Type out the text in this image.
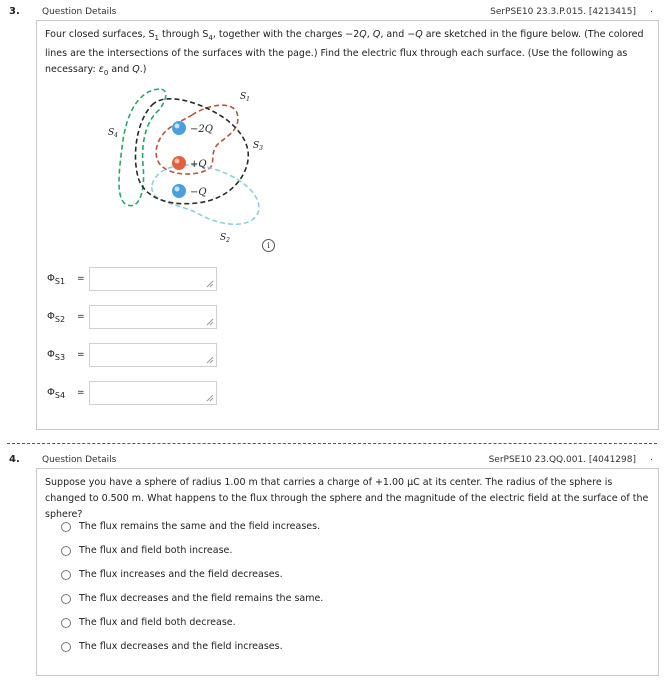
3. Question Details	SerPSE10 23.3.P.015. [4213415] .
Four closed surfaces, $S_1$ through $S_4$, together with the charges −2Q, Q, and −Q are sketched in the figure below. (The colored lines are the intersections of the surfaces with the page.) Find the electric flux through each surface. (Use the following as necessary: $\varepsilon_0$ and Q.)
−2Q
+Q
−Q
$S_1$
$S_3$
$S_4$
$S_2$
i
$\Phi_{S1}$	=
$\Phi_{S2}$	=
$\Phi_{S3}$	=
$\Phi_{S4}$	=
4. Question Details	SerPSE10 23.QQ.001. [4041298] .
Suppose you have a sphere of radius 1.00 m that carries a charge of +1.00 μC at its center. The radius of the sphere is changed to 0.500 m. What happens to the flux through the sphere and the magnitude of the electric field at the surface of the sphere?
The flux remains the same and the field increases.
The flux and field both increase.
The flux increases and the field decreases.
The flux decreases and the field remains the same.
The flux and field both decrease.
The flux decreases and the field increases.
